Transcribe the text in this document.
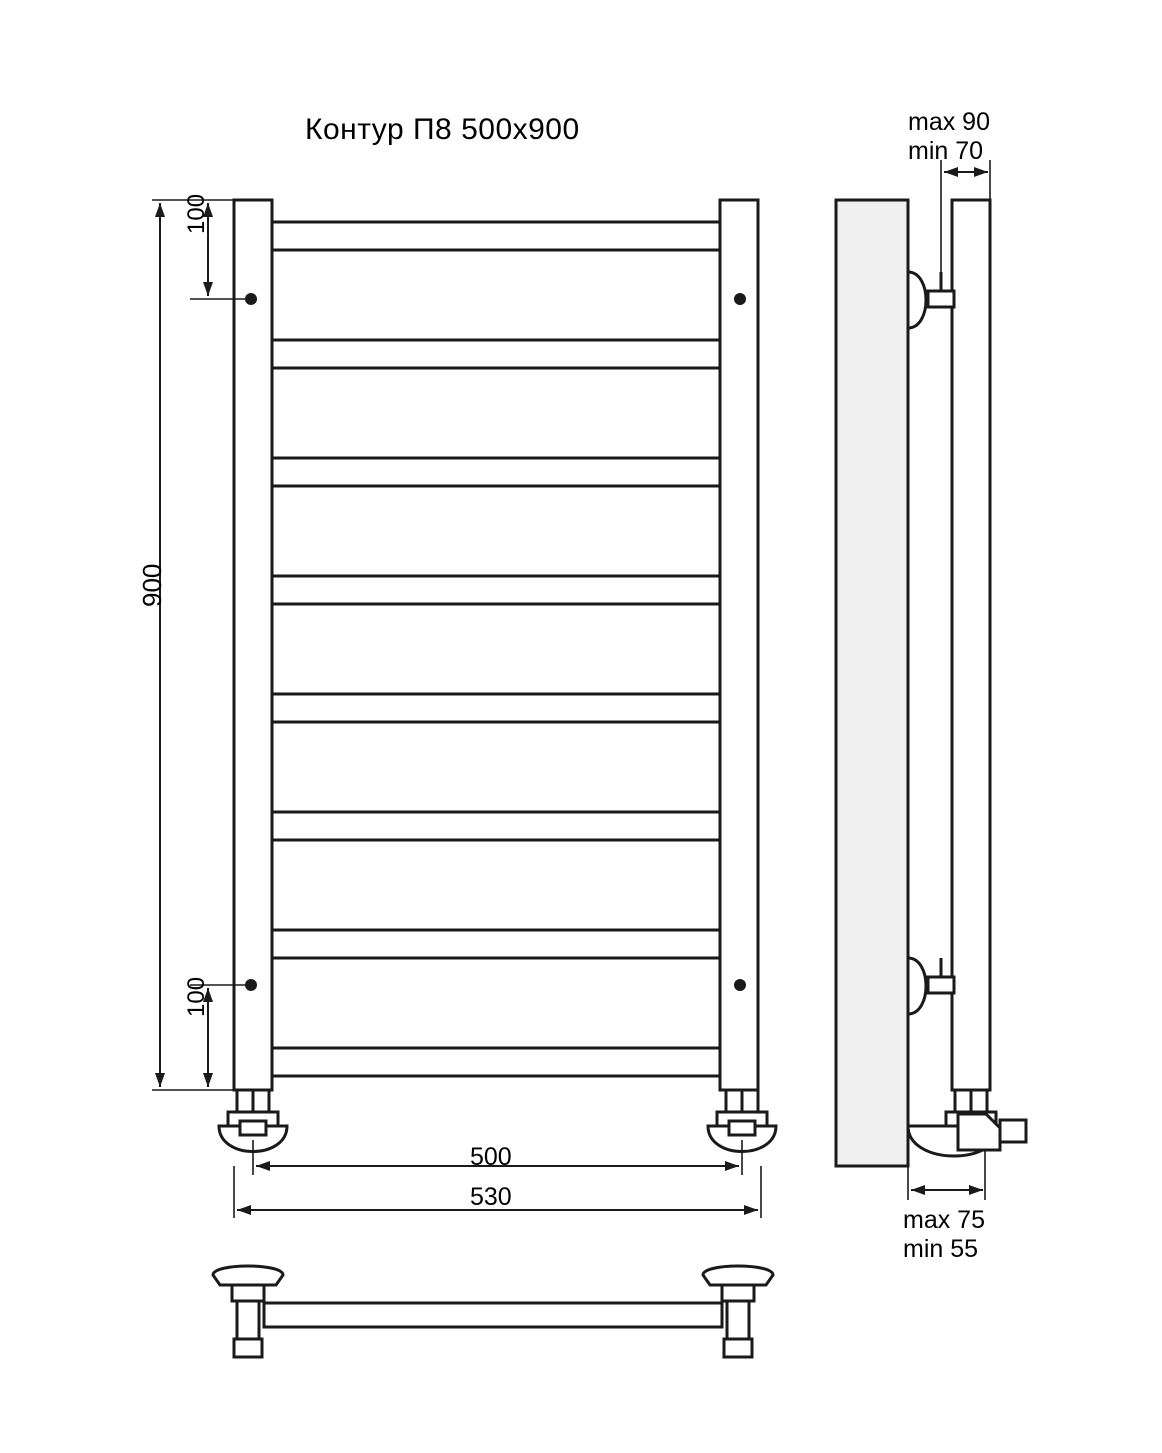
Контур П8 500x900
100
100
900
500
530
max 90
min 70
max 75
min 55
